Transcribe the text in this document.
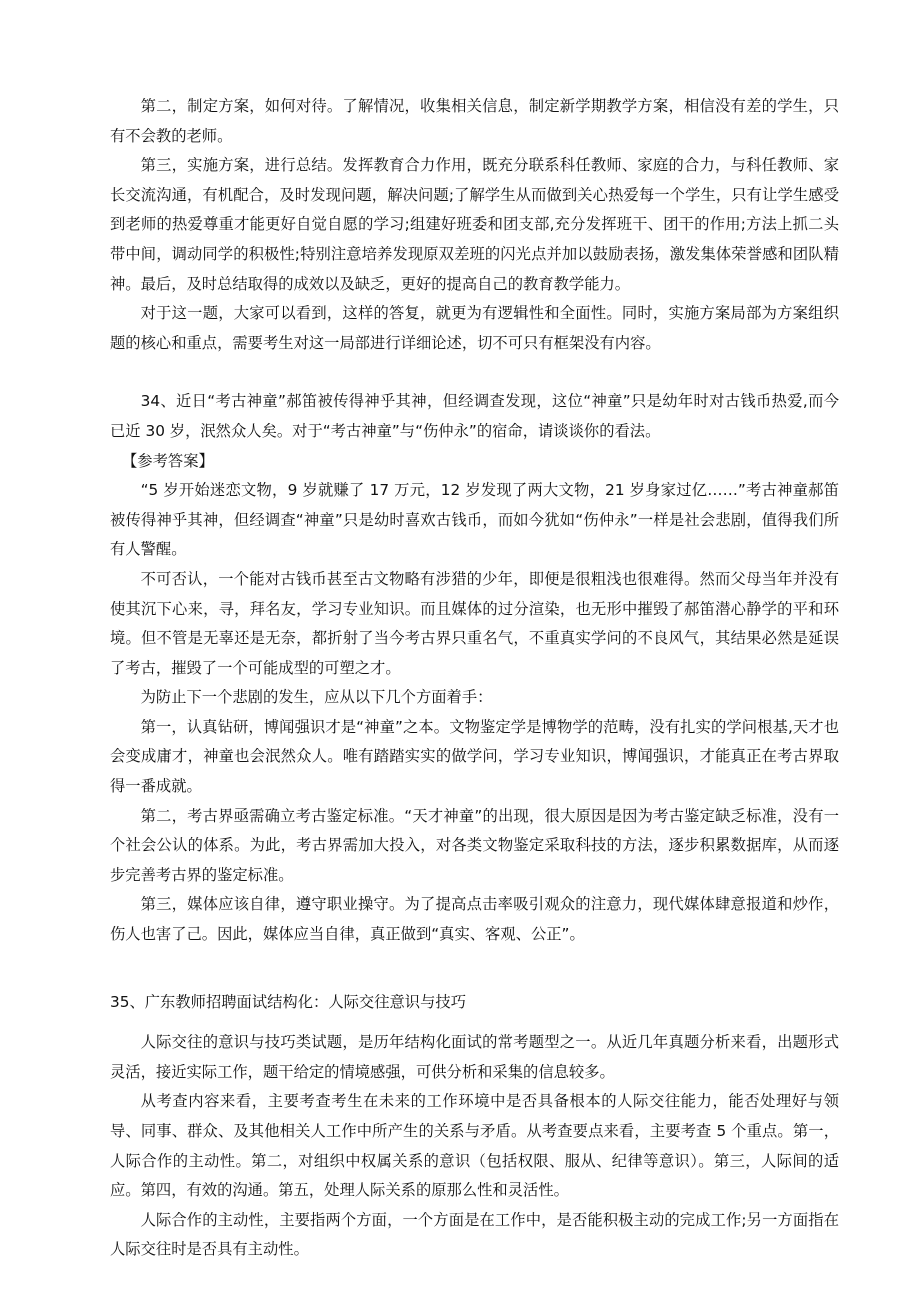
第二，制定方案，如何对待。了解情况，收集相关信息，制定新学期教学方案，相信没有差的学生，只有不会教的老师。

第三，实施方案，进行总结。发挥教育合力作用，既充分联系科任教师、家庭的合力，与科任教师、家长交流沟通，有机配合，及时发现问题，解决问题;了解学生从而做到关心热爱每一个学生，只有让学生感受到老师的热爱尊重才能更好自觉自愿的学习;组建好班委和团支部,充分发挥班干、团干的作用;方法上抓二头带中间，调动同学的积极性;特别注意培养发现原双差班的闪光点并加以鼓励表扬，激发集体荣誉感和团队精神。最后，及时总结取得的成效以及缺乏，更好的提高自己的教育教学能力。

对于这一题，大家可以看到，这样的答复，就更为有逻辑性和全面性。同时，实施方案局部为方案组织题的核心和重点，需要考生对这一局部进行详细论述，切不可只有框架没有内容。

34、近日“考古神童”郝笛被传得神乎其神，但经调查发现，这位“神童”只是幼年时对古钱币热爱,而今已近 30 岁，泯然众人矣。对于“考古神童”与“伤仲永”的宿命，请谈谈你的看法。

【参考答案】

“5 岁开始迷恋文物，9 岁就赚了 17 万元，12 岁发现了两大文物，21 岁身家过亿……”考古神童郝笛被传得神乎其神，但经调查“神童”只是幼时喜欢古钱币，而如今犹如“伤仲永”一样是社会悲剧，值得我们所有人警醒。

不可否认，一个能对古钱币甚至古文物略有涉猎的少年，即便是很粗浅也很难得。然而父母当年并没有使其沉下心来，寻，拜名友，学习专业知识。而且媒体的过分渲染，也无形中摧毁了郝笛潜心静学的平和环境。但不管是无辜还是无奈，都折射了当今考古界只重名气，不重真实学问的不良风气，其结果必然是延误了考古，摧毁了一个可能成型的可塑之才。

为防止下一个悲剧的发生，应从以下几个方面着手：

第一，认真钻研，博闻强识才是“神童”之本。文物鉴定学是博物学的范畴，没有扎实的学问根基,天才也会变成庸才，神童也会泯然众人。唯有踏踏实实的做学问，学习专业知识，博闻强识，才能真正在考古界取得一番成就。

第二，考古界亟需确立考古鉴定标准。“天才神童”的出现，很大原因是因为考古鉴定缺乏标准，没有一个社会公认的体系。为此，考古界需加大投入，对各类文物鉴定采取科技的方法，逐步积累数据库，从而逐步完善考古界的鉴定标准。

第三，媒体应该自律，遵守职业操守。为了提高点击率吸引观众的注意力，现代媒体肆意报道和炒作，伤人也害了己。因此，媒体应当自律，真正做到“真实、客观、公正”。

35、广东教师招聘面试结构化：人际交往意识与技巧

人际交往的意识与技巧类试题，是历年结构化面试的常考题型之一。从近几年真题分析来看，出题形式灵活，接近实际工作，题干给定的情境感强，可供分析和采集的信息较多。

从考查内容来看，主要考查考生在未来的工作环境中是否具备根本的人际交往能力，能否处理好与领导、同事、群众、及其他相关人工作中所产生的关系与矛盾。从考查要点来看，主要考查 5 个重点。第一，人际合作的主动性。第二，对组织中权属关系的意识（包括权限、服从、纪律等意识）。第三，人际间的适应。第四，有效的沟通。第五，处理人际关系的原那么性和灵活性。

人际合作的主动性，主要指两个方面，一个方面是在工作中，是否能积极主动的完成工作;另一方面指在人际交往时是否具有主动性。
